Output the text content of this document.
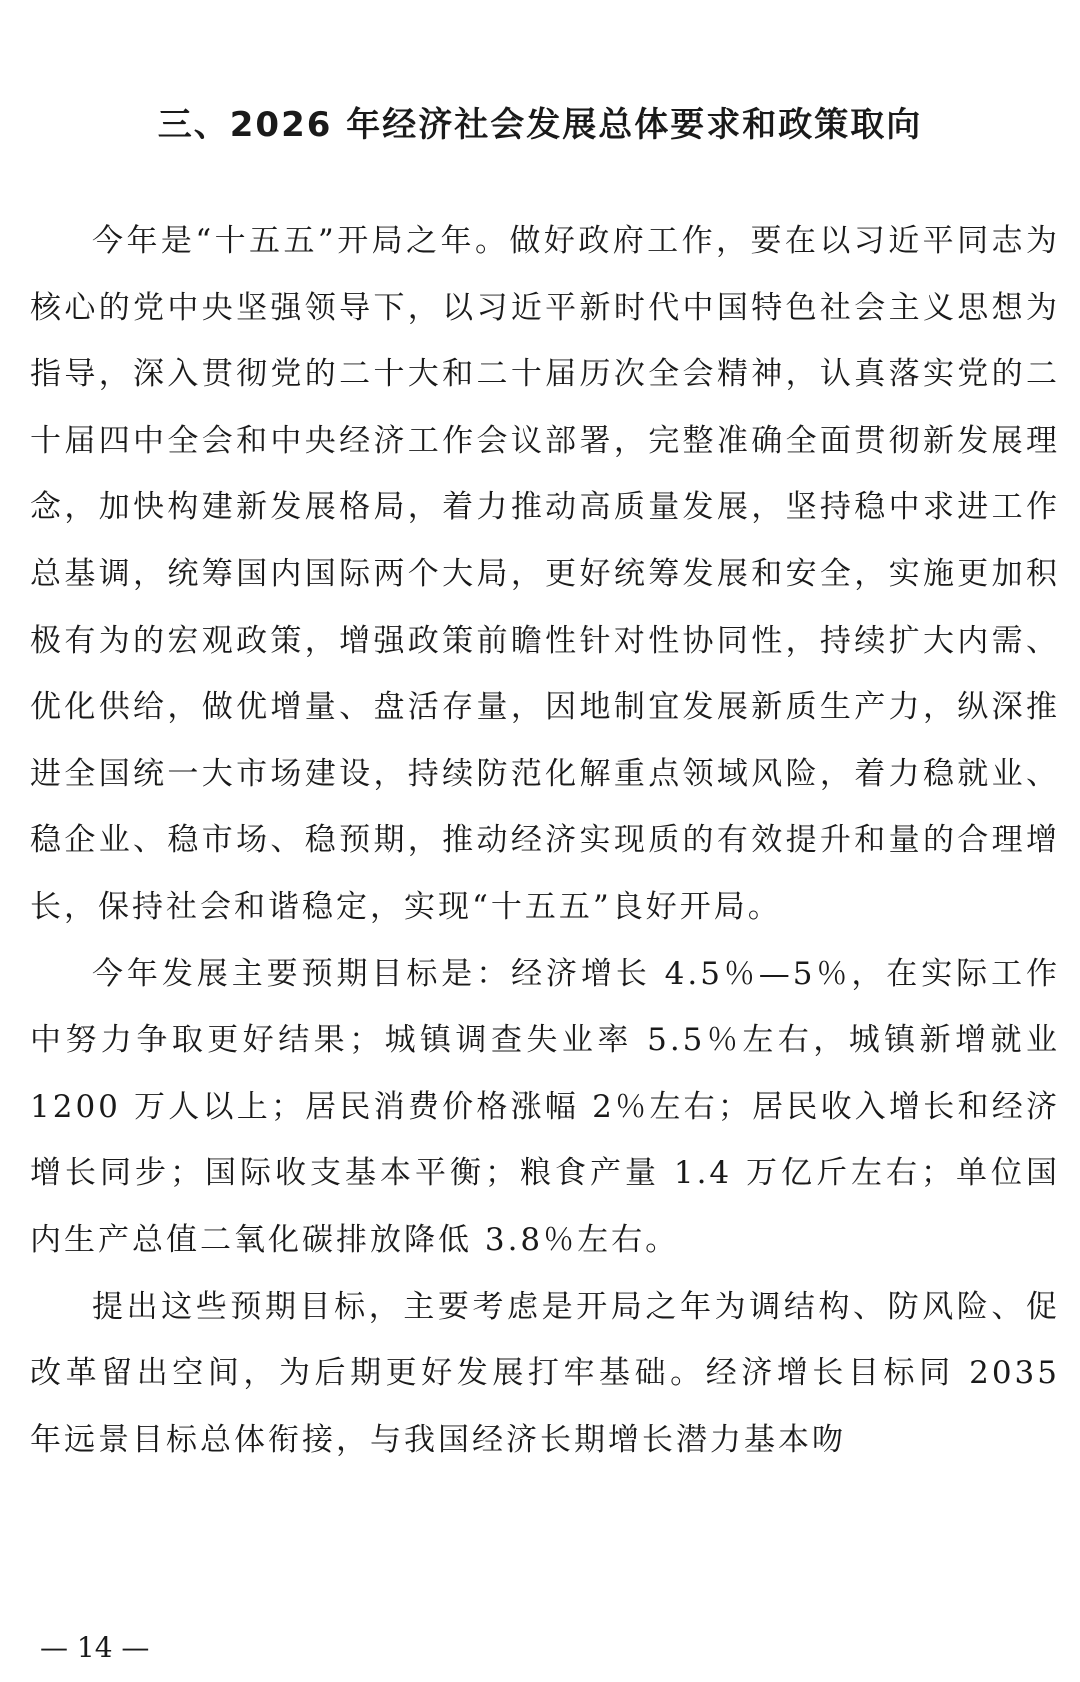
三、2026 年经济社会发展总体要求和政策取向

今年是“十五五”开局之年。做好政府工作，要在以习近平同志为核心的党中央坚强领导下，以习近平新时代中国特色社会主义思想为指导，深入贯彻党的二十大和二十届历次全会精神，认真落实党的二十届四中全会和中央经济工作会议部署，完整准确全面贯彻新发展理念，加快构建新发展格局，着力推动高质量发展，坚持稳中求进工作总基调，统筹国内国际两个大局，更好统筹发展和安全，实施更加积极有为的宏观政策，增强政策前瞻性针对性协同性，持续扩大内需、优化供给，做优增量、盘活存量，因地制宜发展新质生产力，纵深推进全国统一大市场建设，持续防范化解重点领域风险，着力稳就业、稳企业、稳市场、稳预期，推动经济实现质的有效提升和量的合理增长，保持社会和谐稳定，实现“十五五”良好开局。

今年发展主要预期目标是：经济增长 4.5％—5％，在实际工作中努力争取更好结果；城镇调查失业率 5.5％左右，城镇新增就业 1200 万人以上；居民消费价格涨幅 2％左右；居民收入增长和经济增长同步；国际收支基本平衡；粮食产量 1.4 万亿斤左右；单位国内生产总值二氧化碳排放降低 3.8％左右。

提出这些预期目标，主要考虑是开局之年为调结构、防风险、促改革留出空间，为后期更好发展打牢基础。经济增长目标同 2035 年远景目标总体衔接，与我国经济长期增长潜力基本吻

— 14 —
